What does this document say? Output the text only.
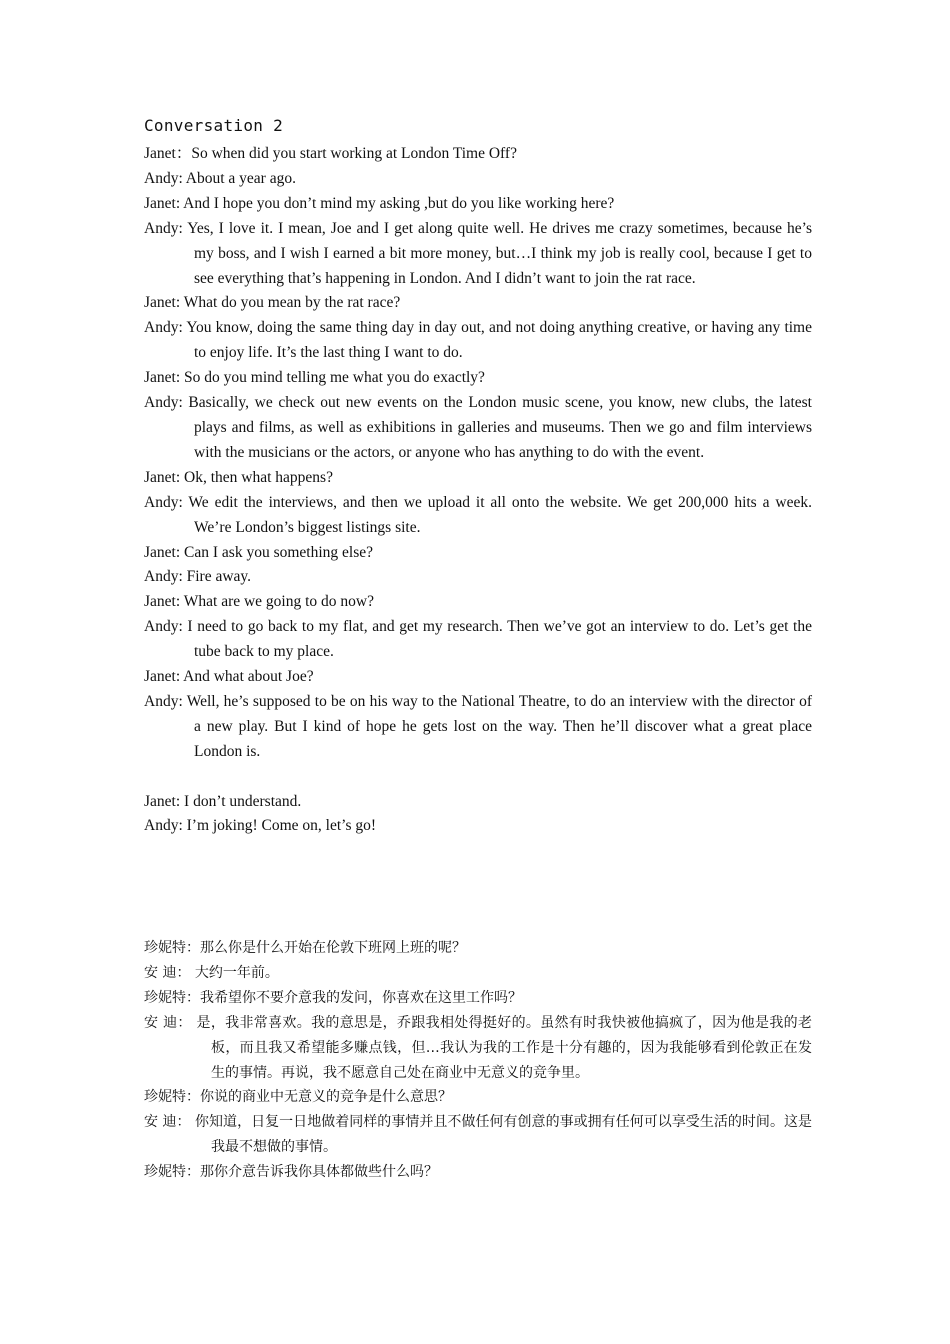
Conversation 2

Janet：So when did you start working at London Time Off?

Andy: About a year ago.

Janet: And I hope you don’t mind my asking ,but do you like working here?

Andy: Yes, I love it. I mean, Joe and I get along quite well. He drives me crazy sometimes, because he’s my boss, and I wish I earned a bit more money, but…I think my job is really cool, because I get to see everything that’s happening in London. And I didn’t want to join the rat race.

Janet: What do you mean by the rat race?

Andy: You know, doing the same thing day in day out, and not doing anything creative, or having any time to enjoy life. It’s the last thing I want to do.

Janet: So do you mind telling me what you do exactly?

Andy: Basically, we check out new events on the London music scene, you know, new clubs, the latest plays and films, as well as exhibitions in galleries and museums. Then we go and film interviews with the musicians or the actors, or anyone who has anything to do with the event.

Janet: Ok, then what happens?

Andy: We edit the interviews, and then we upload it all onto the website. We get 200,000 hits a week. We’re London’s biggest listings site.

Janet: Can I ask you something else?

Andy: Fire away.

Janet: What are we going to do now?

Andy: I need to go back to my flat, and get my research. Then we’ve got an interview to do. Let’s get the tube back to my place.

Janet: And what about Joe?

Andy: Well, he’s supposed to be on his way to the National Theatre, to do an interview with the director of a new play. But I kind of hope he gets lost on the way. Then he’ll discover what a great place London is.

Janet: I don’t understand.

Andy: I’m joking! Come on, let’s go!

珍妮特：那么你是什么开始在伦敦下班网上班的呢？

安 迪： 大约一年前。

珍妮特：我希望你不要介意我的发问，你喜欢在这里工作吗？

安 迪： 是，我非常喜欢。我的意思是，乔跟我相处得挺好的。虽然有时我快被他搞疯了，因为他是我的老板，而且我又希望能多赚点钱，但…我认为我的工作是十分有趣的，因为我能够看到伦敦正在发生的事情。再说，我不愿意自己处在商业中无意义的竞争里。

珍妮特：你说的商业中无意义的竞争是什么意思？

安 迪： 你知道，日复一日地做着同样的事情并且不做任何有创意的事或拥有任何可以享受生活的时间。这是我最不想做的事情。

珍妮特：那你介意告诉我你具体都做些什么吗？
